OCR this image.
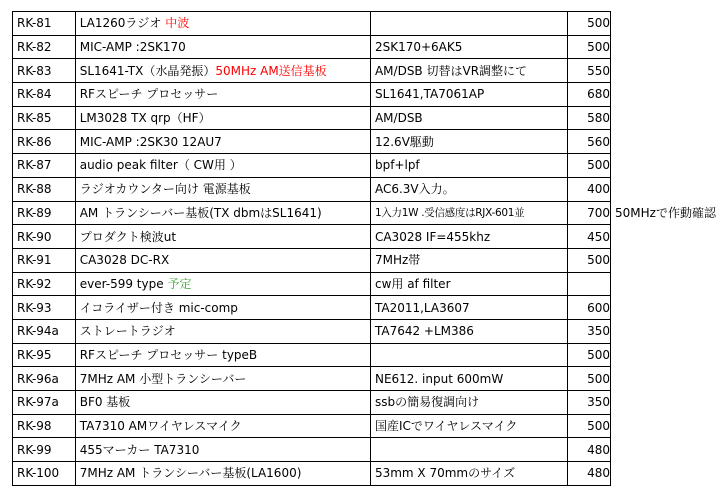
RK-81	LA1260ラジオ 中波		500	
RK-82	MIC-AMP :2SK170	2SK170+6AK5	500	
RK-83	SL1641-TX（水晶発振）50MHz AM送信基板	AM/DSB 切替はVR調整にて	550	
RK-84	RFスピーチ プロセッサー	SL1641,TA7061AP	680	
RK-85	LM3028 TX qrp（HF）	AM/DSB	580	
RK-86	MIC-AMP :2SK30 12AU7	12.6V駆動	560	
RK-87	audio peak filter（ CW用 ）	bpf+lpf	500	
RK-88	ラジオカウンター向け 電源基板	AC6.3V入力。	400	
RK-89	AM トランシーバー基板(TX dbmはSL1641)	1入力1W .受信感度はRJX-601並	700	50MHzで作動確認
RK-90	プロダクト検波ut	CA3028 IF=455khz	450	
RK-91	CA3028 DC-RX	7MHz帯	500	
RK-92	ever-599 type 予定	cw用 af filter		
RK-93	イコライザー付き mic-comp	TA2011,LA3607	600	
RK-94a	ストレートラジオ	TA7642 +LM386	350	
RK-95	RFスピーチ プロセッサー typeB		500	
RK-96a	7MHz AM 小型トランシーバー	NE612. input 600mW	500	
RK-97a	BF0 基板	ssbの簡易復調向け	350	
RK-98	TA7310 AMワイヤレスマイク	国産ICでワイヤレスマイク	500	
RK-99	455マーカー TA7310		480	
RK-100	7MHz AM トランシーバー基板(LA1600)	53mm X 70mmのサイズ	480	
